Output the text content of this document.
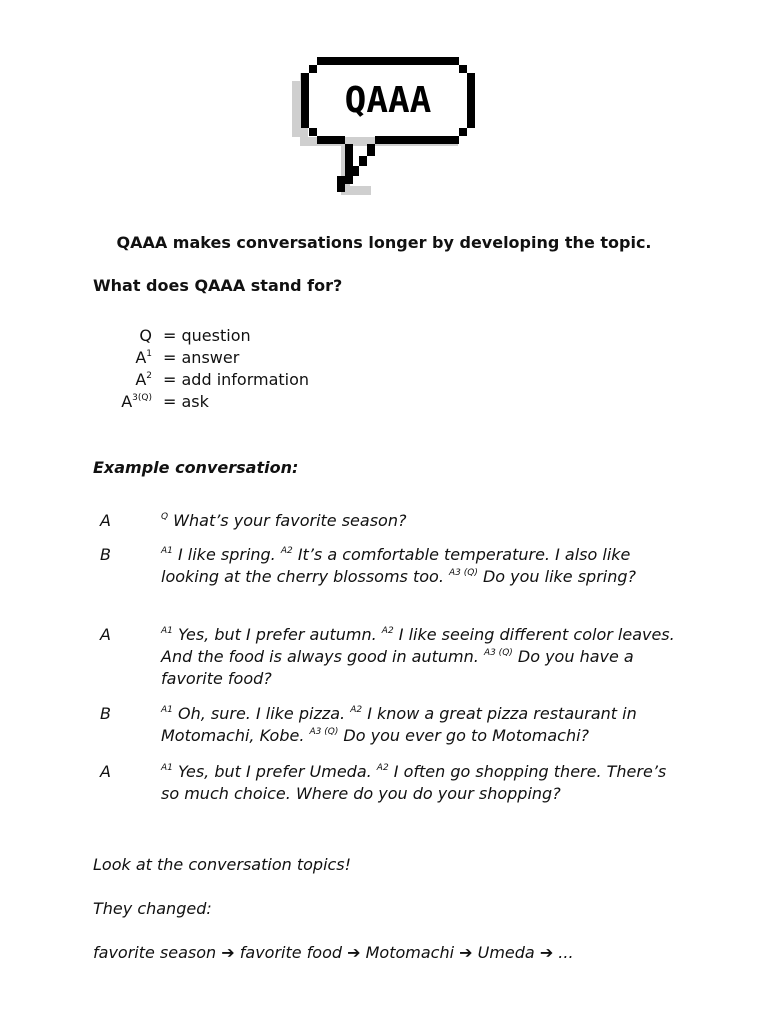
QAAA
QAAA makes conversations longer by developing the topic.
What does QAAA stand for?
Q = question
$A^1$ = answer
$A^2$ = add information
$A^{3(Q)}$ = ask
Example conversation:
A	$^Q$ What’s your favorite season?
B	$^{A1}$ I like spring. $^{A2}$ It’s a comfortable temperature. I also like looking at the cherry blossoms too. $^{A3 (Q)}$ Do you like spring?
A	$^{A1}$ Yes, but I prefer autumn. $^{A2}$ I like seeing different color leaves. And the food is always good in autumn. $^{A3 (Q)}$ Do you have a favorite food?
B	$^{A1}$ Oh, sure. I like pizza. $^{A2}$ I know a great pizza restaurant in Motomachi, Kobe. $^{A3 (Q)}$ Do you ever go to Motomachi?
A	$^{A1}$ Yes, but I prefer Umeda. $^{A2}$ I often go shopping there. There’s so much choice. Where do you do your shopping?
Look at the conversation topics!
They changed:
favorite season ➔ favorite food ➔ Motomachi ➔ Umeda ➔ ...
